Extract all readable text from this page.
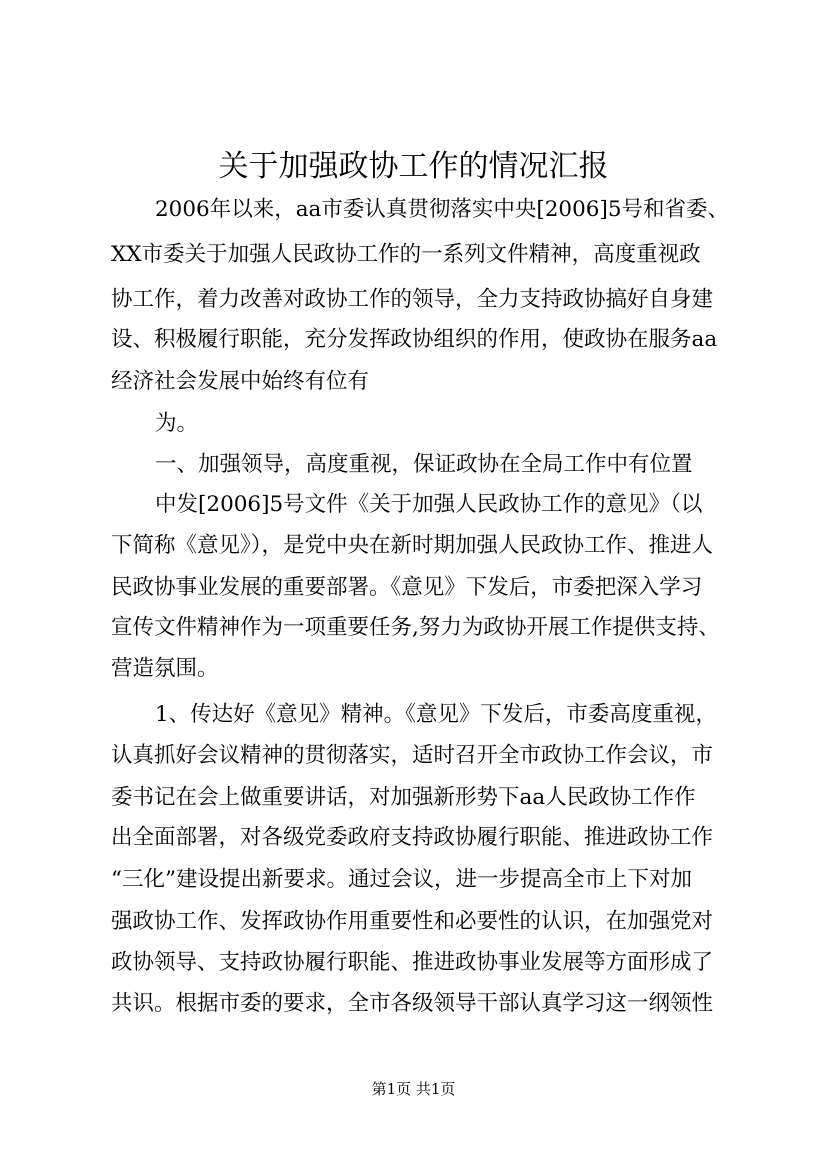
关于加强政协工作的情况汇报
2006年以来，aa市委认真贯彻落实中央[2006]5号和省委、
XX市委关于加强人民政协工作的一系列文件精神，高度重视政
协工作，着力改善对政协工作的领导，全力支持政协搞好自身建
设、积极履行职能，充分发挥政协组织的作用，使政协在服务aa
经济社会发展中始终有位有
为。
一、加强领导，高度重视，保证政协在全局工作中有位置
中发[2006]5号文件《关于加强人民政协工作的意见》（以
下简称《意见》），是党中央在新时期加强人民政协工作、推进人
民政协事业发展的重要部署。《意见》下发后，市委把深入学习
宣传文件精神作为一项重要任务,努力为政协开展工作提供支持、
营造氛围。
1、传达好《意见》精神。《意见》下发后，市委高度重视，
认真抓好会议精神的贯彻落实，适时召开全市政协工作会议，市
委书记在会上做重要讲话，对加强新形势下aa人民政协工作作
出全面部署，对各级党委政府支持政协履行职能、推进政协工作
“三化”建设提出新要求。通过会议，进一步提高全市上下对加
强政协工作、发挥政协作用重要性和必要性的认识，在加强党对
政协领导、支持政协履行职能、推进政协事业发展等方面形成了
共识。根据市委的要求，全市各级领导干部认真学习这一纲领性
第1页 共1页
